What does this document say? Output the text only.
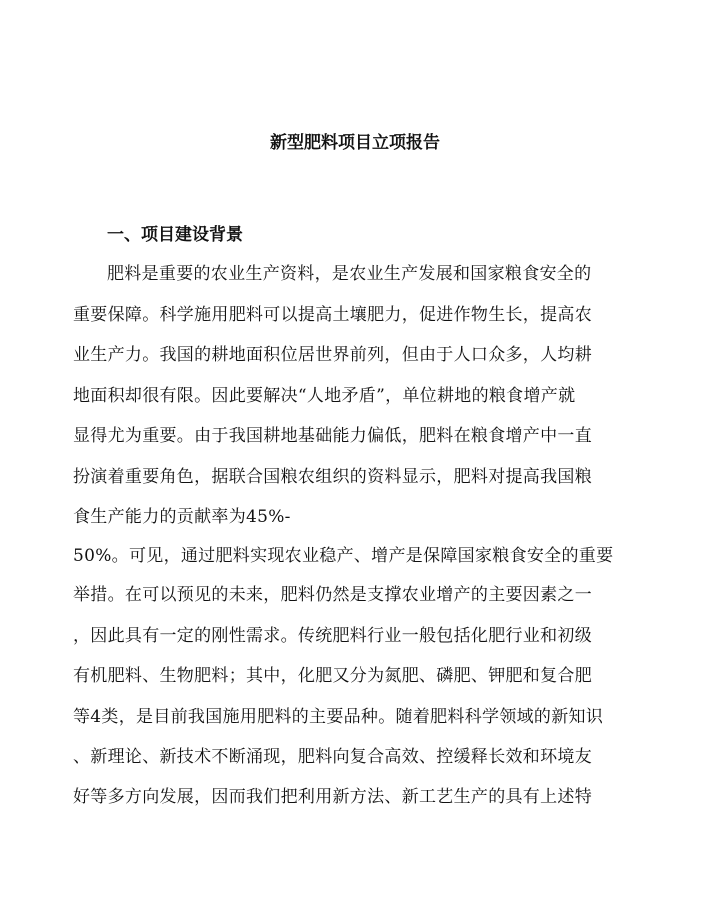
新型肥料项目立项报告
一、项目建设背景
肥料是重要的农业生产资料，是农业生产发展和国家粮食安全的
重要保障。科学施用肥料可以提高土壤肥力，促进作物生长，提高农
业生产力。我国的耕地面积位居世界前列，但由于人口众多，人均耕
地面积却很有限。因此要解决“人地矛盾”，单位耕地的粮食增产就
显得尤为重要。由于我国耕地基础能力偏低，肥料在粮食增产中一直
扮演着重要角色，据联合国粮农组织的资料显示，肥料对提高我国粮
食生产能力的贡献率为45%-
50%。可见，通过肥料实现农业稳产、增产是保障国家粮食安全的重要
举措。在可以预见的未来，肥料仍然是支撑农业增产的主要因素之一
，因此具有一定的刚性需求。传统肥料行业一般包括化肥行业和初级
有机肥料、生物肥料；其中，化肥又分为氮肥、磷肥、钾肥和复合肥
等4类，是目前我国施用肥料的主要品种。随着肥料科学领域的新知识
、新理论、新技术不断涌现，肥料向复合高效、控缓释长效和环境友
好等多方向发展，因而我们把利用新方法、新工艺生产的具有上述特
